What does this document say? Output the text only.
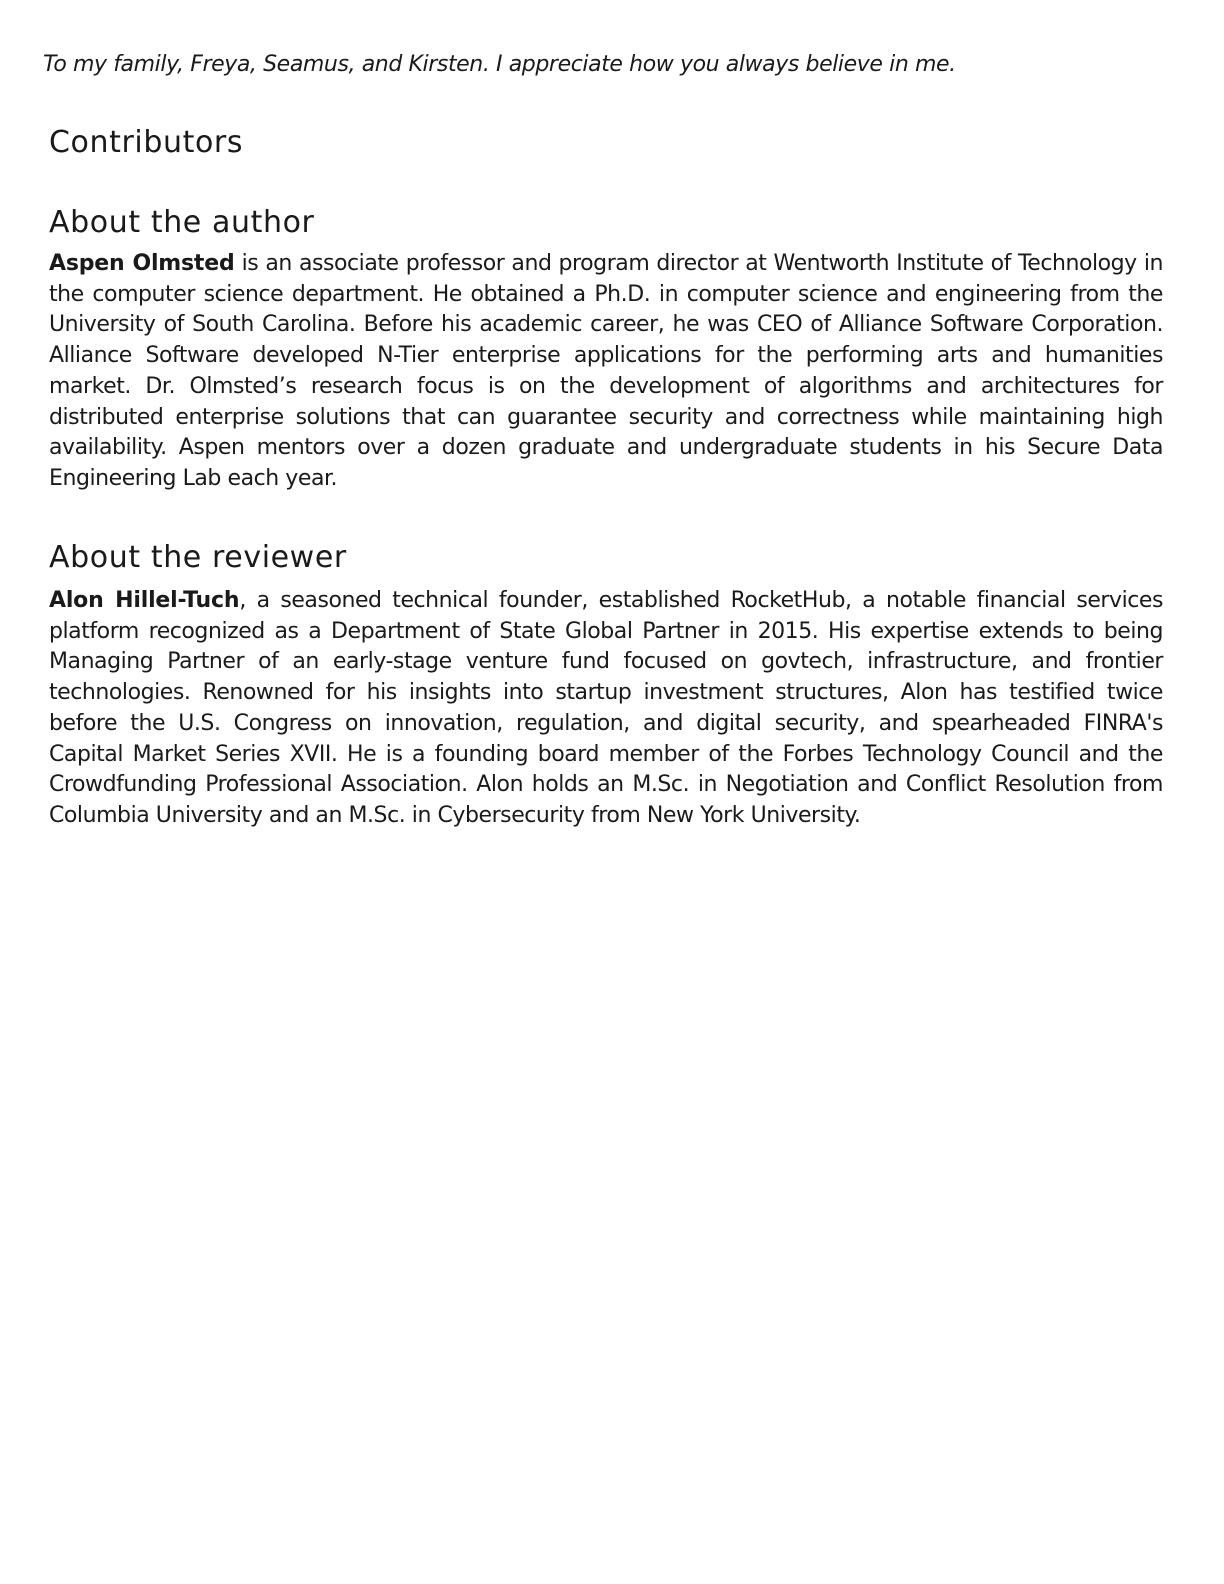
To my family, Freya, Seamus, and Kirsten. I appreciate how you always believe in me.

Contributors
About the author

Aspen Olmsted is an associate professor and program director at Wentworth Institute of Technology in the computer science department. He obtained a Ph.D. in computer science and engineering from the University of South Carolina. Before his academic career, he was CEO of Alliance Software Corporation. Alliance Software developed N-Tier enterprise applications for the performing arts and humanities market. Dr. Olmsted’s research focus is on the development of algorithms and architectures for distributed enterprise solutions that can guarantee security and correctness while maintaining high availability. Aspen mentors over a dozen graduate and undergraduate students in his Secure Data Engineering Lab each year.

About the reviewer

Alon Hillel-Tuch, a seasoned technical founder, established RocketHub, a notable financial services platform recognized as a Department of State Global Partner in 2015. His expertise extends to being Managing Partner of an early-stage venture fund focused on govtech, infrastructure, and frontier technologies. Renowned for his insights into startup investment structures, Alon has testified twice before the U.S. Congress on innovation, regulation, and digital security, and spearheaded FINRA's Capital Market Series XVII. He is a founding board member of the Forbes Technology Council and the Crowdfunding Professional Association. Alon holds an M.Sc. in Negotiation and Conflict Resolution from Columbia University and an M.Sc. in Cybersecurity from New York University.
